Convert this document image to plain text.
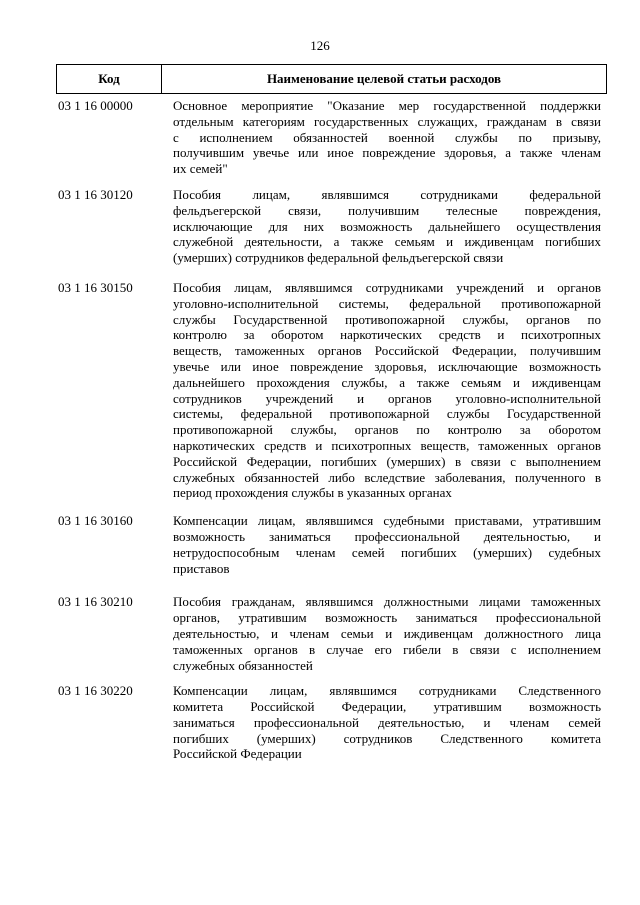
126
Код	Наименование целевой статьи расходов
03 1 16 00000	Основное мероприятие "Оказание мер государственной поддержки
отдельным категориям государственных служащих, гражданам в связи
с исполнением обязанностей военной службы по призыву,
получившим увечье или иное повреждение здоровья, а также членам
их семей"
03 1 16 30120	Пособия лицам, являвшимся сотрудниками федеральной
фельдъегерской связи, получившим телесные повреждения,
исключающие для них возможность дальнейшего осуществления
служебной деятельности, а также семьям и иждивенцам погибших
(умерших) сотрудников федеральной фельдъегерской связи
03 1 16 30150	Пособия лицам, являвшимся сотрудниками учреждений и органов
уголовно-исполнительной системы, федеральной противопожарной
службы Государственной противопожарной службы, органов по
контролю за оборотом наркотических средств и психотропных
веществ, таможенных органов Российской Федерации, получившим
увечье или иное повреждение здоровья, исключающие возможность
дальнейшего прохождения службы, а также семьям и иждивенцам
сотрудников учреждений и органов уголовно-исполнительной
системы, федеральной противопожарной службы Государственной
противопожарной службы, органов по контролю за оборотом
наркотических средств и психотропных веществ, таможенных органов
Российской Федерации, погибших (умерших) в связи с выполнением
служебных обязанностей либо вследствие заболевания, полученного в
период прохождения службы в указанных органах
03 1 16 30160	Компенсации лицам, являвшимся судебными приставами, утратившим
возможность заниматься профессиональной деятельностью, и
нетрудоспособным членам семей погибших (умерших) судебных
приставов
03 1 16 30210	Пособия гражданам, являвшимся должностными лицами таможенных
органов, утратившим возможность заниматься профессиональной
деятельностью, и членам семьи и иждивенцам должностного лица
таможенных органов в случае его гибели в связи с исполнением
служебных обязанностей
03 1 16 30220	Компенсации лицам, являвшимся сотрудниками Следственного
комитета Российской Федерации, утратившим возможность
заниматься профессиональной деятельностью, и членам семей
погибших (умерших) сотрудников Следственного комитета
Российской Федерации
